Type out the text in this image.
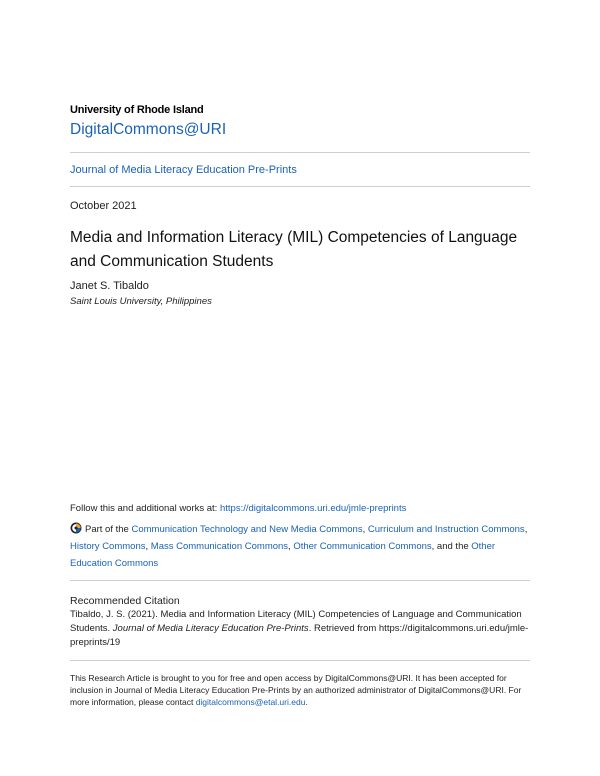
University of Rhode Island
DigitalCommons@URI
Journal of Media Literacy Education Pre-Prints
October 2021
Media and Information Literacy (MIL) Competencies of Language and Communication Students
Janet S. Tibaldo
Saint Louis University, Philippines
Follow this and additional works at: https://digitalcommons.uri.edu/jmle-preprints
Part of the Communication Technology and New Media Commons, Curriculum and Instruction Commons, History Commons, Mass Communication Commons, Other Communication Commons, and the Other Education Commons
Recommended Citation
Tibaldo, J. S. (2021). Media and Information Literacy (MIL) Competencies of Language and Communication Students. Journal of Media Literacy Education Pre-Prints. Retrieved from https://digitalcommons.uri.edu/jmle-preprints/19
This Research Article is brought to you for free and open access by DigitalCommons@URI. It has been accepted for inclusion in Journal of Media Literacy Education Pre-Prints by an authorized administrator of DigitalCommons@URI. For more information, please contact digitalcommons@etal.uri.edu.
